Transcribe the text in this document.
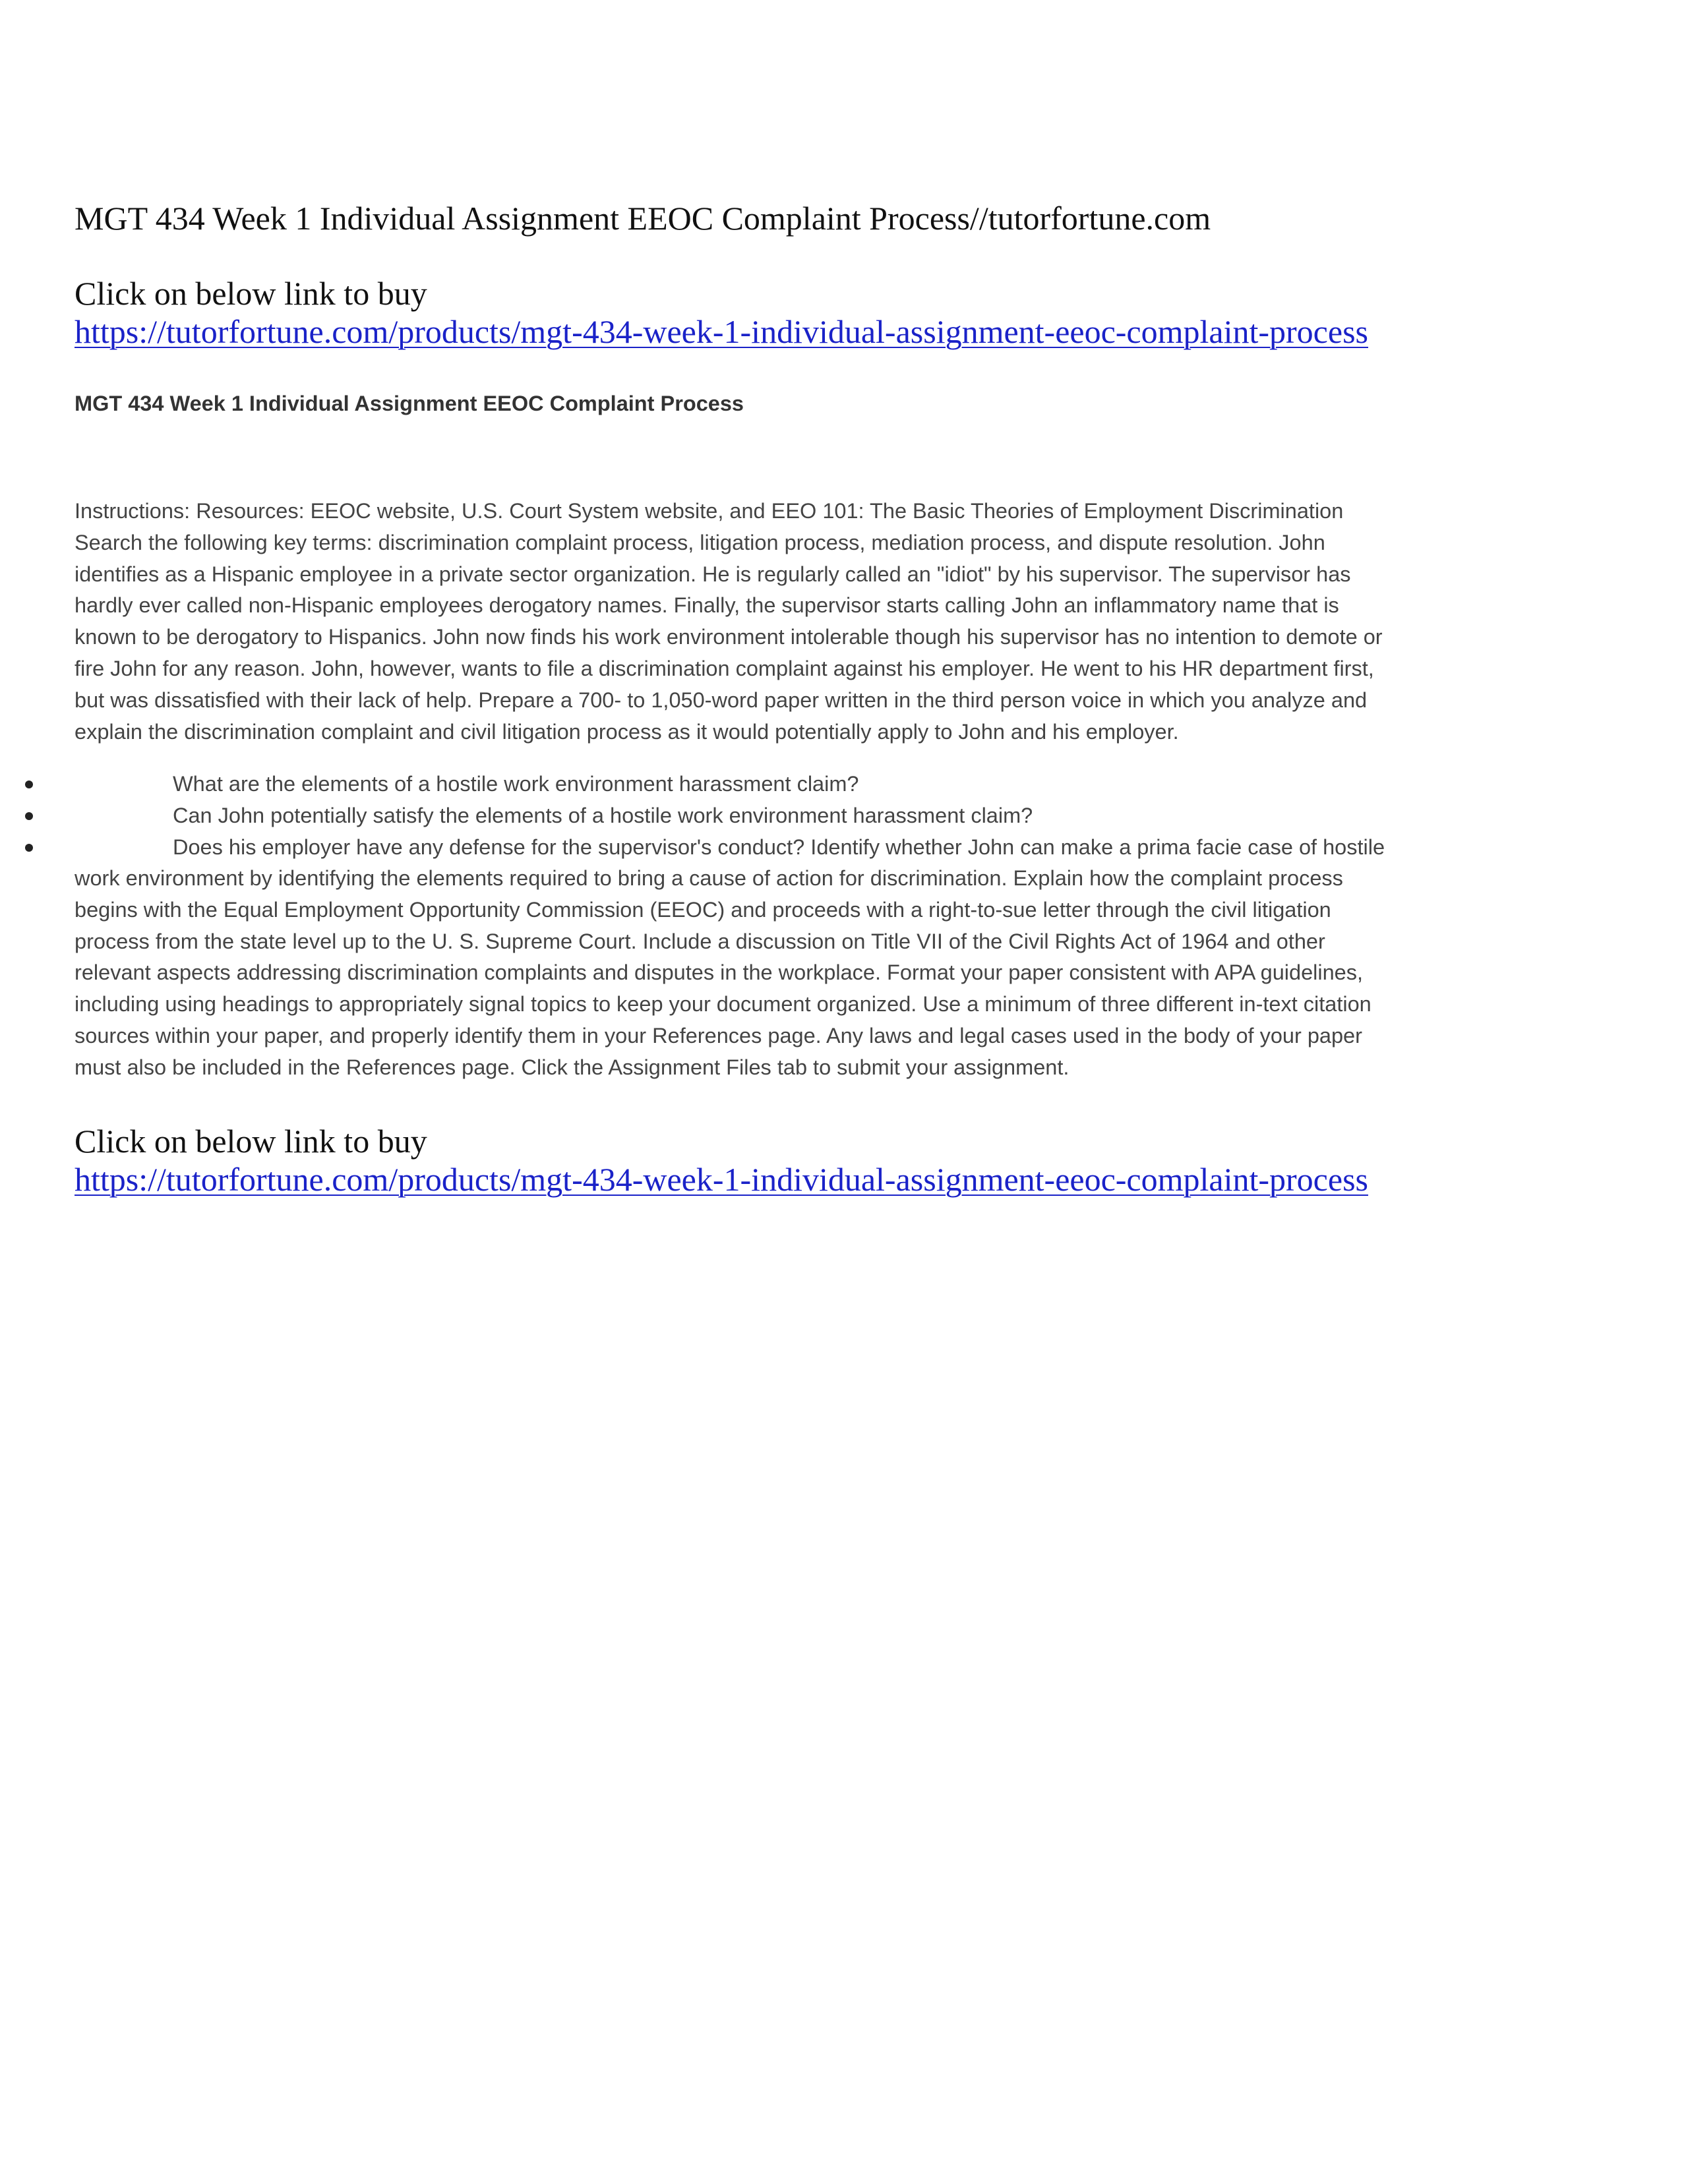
MGT 434 Week 1 Individual Assignment EEOC Complaint Process//tutorfortune.com
Click on below link to buy
https://tutorfortune.com/products/mgt-434-week-1-individual-assignment-eeoc-complaint-process
MGT 434 Week 1 Individual Assignment EEOC Complaint Process
Instructions: Resources: EEOC website, U.S. Court System website, and EEO 101: The Basic Theories of Employment Discrimination
Search the following key terms: discrimination complaint process, litigation process, mediation process, and dispute resolution. John
identifies as a Hispanic employee in a private sector organization. He is regularly called an "idiot" by his supervisor. The supervisor has
hardly ever called non-Hispanic employees derogatory names. Finally, the supervisor starts calling John an inflammatory name that is
known to be derogatory to Hispanics. John now finds his work environment intolerable though his supervisor has no intention to demote or
fire John for any reason. John, however, wants to file a discrimination complaint against his employer. He went to his HR department first,
but was dissatisfied with their lack of help. Prepare a 700- to 1,050-word paper written in the third person voice in which you analyze and
explain the discrimination complaint and civil litigation process as it would potentially apply to John and his employer.
What are the elements of a hostile work environment harassment claim?
Can John potentially satisfy the elements of a hostile work environment harassment claim?
Does his employer have any defense for the supervisor's conduct? Identify whether John can make a prima facie case of hostile
work environment by identifying the elements required to bring a cause of action for discrimination. Explain how the complaint process
begins with the Equal Employment Opportunity Commission (EEOC) and proceeds with a right-to-sue letter through the civil litigation
process from the state level up to the U. S. Supreme Court. Include a discussion on Title VII of the Civil Rights Act of 1964 and other
relevant aspects addressing discrimination complaints and disputes in the workplace. Format your paper consistent with APA guidelines,
including using headings to appropriately signal topics to keep your document organized. Use a minimum of three different in-text citation
sources within your paper, and properly identify them in your References page. Any laws and legal cases used in the body of your paper
must also be included in the References page. Click the Assignment Files tab to submit your assignment.
Click on below link to buy
https://tutorfortune.com/products/mgt-434-week-1-individual-assignment-eeoc-complaint-process
